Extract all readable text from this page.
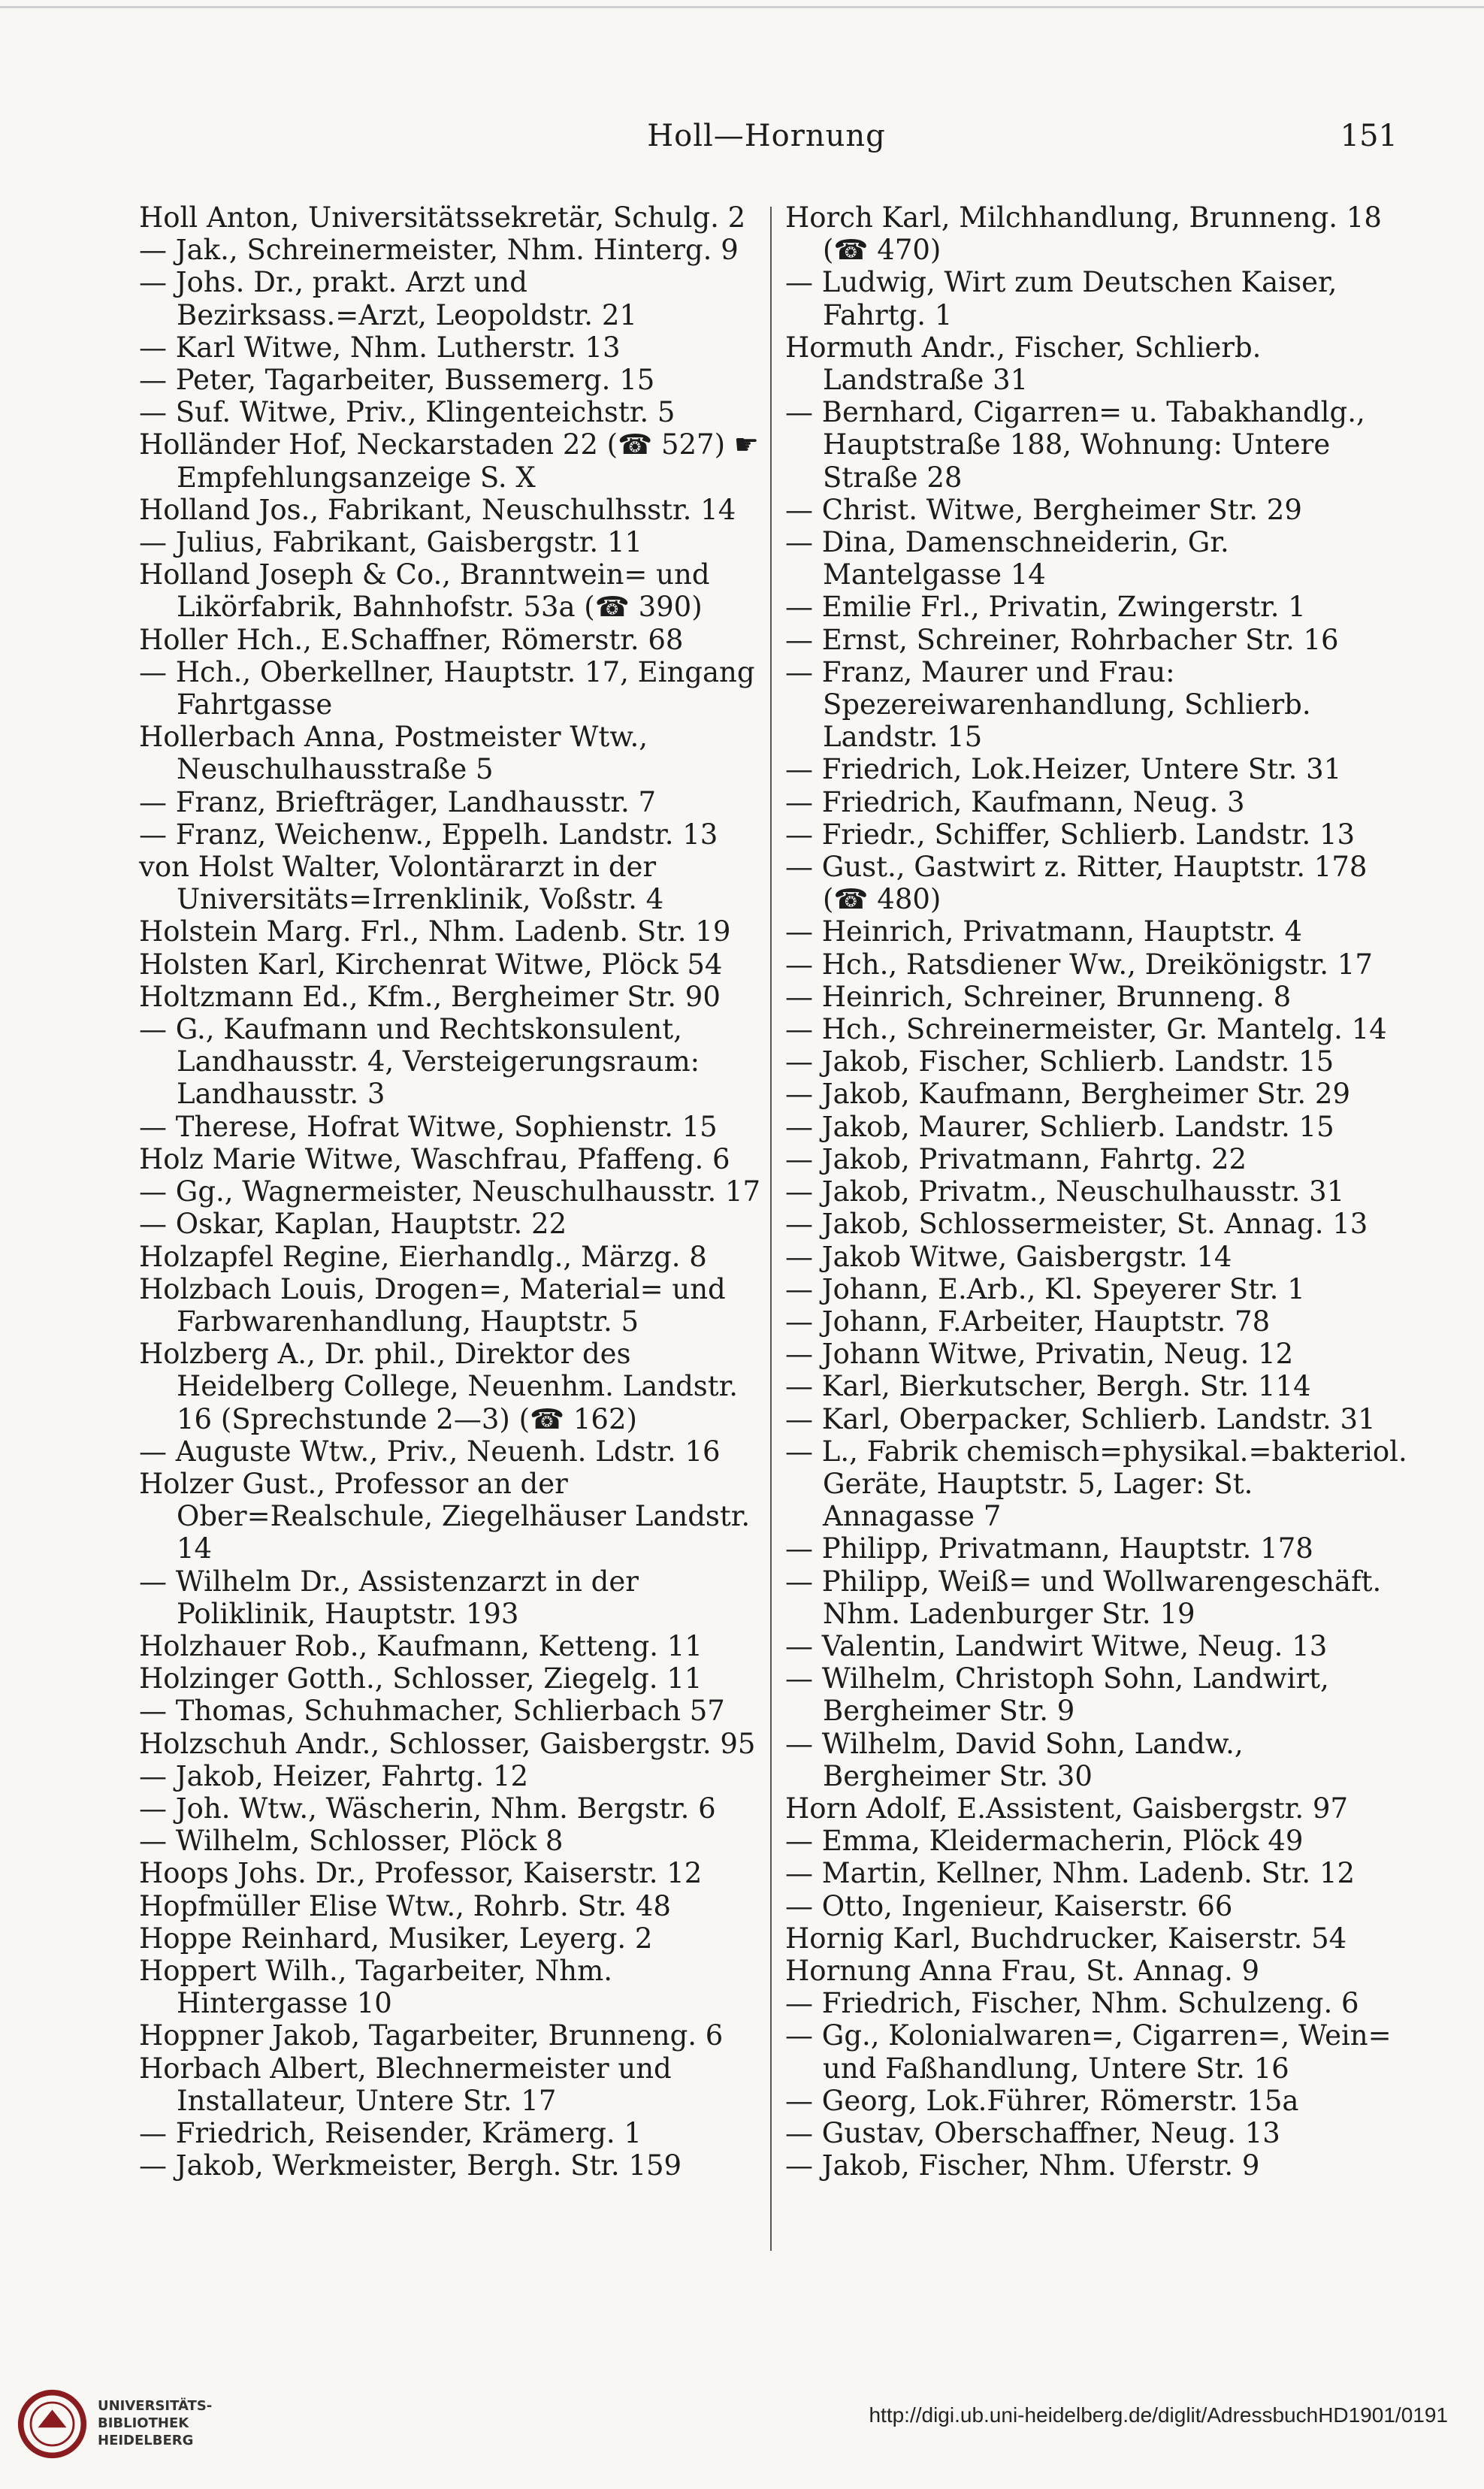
Holl—Hornung	151

Holl Anton, Universitätssekretär, Schulg. 2

— Jak., Schreinermeister, Nhm. Hinterg. 9

— Johs. Dr., prakt. Arzt und Bezirksass.=Arzt, Leopoldstr. 21

— Karl Witwe, Nhm. Lutherstr. 13

— Peter, Tagarbeiter, Bussemerg. 15

— Suf. Witwe, Priv., Klingenteichstr. 5

Holländer Hof, Neckarstaden 22 (☎ 527) ☛ Empfehlungsanzeige S. X

Holland Jos., Fabrikant, Neuschulhsstr. 14

— Julius, Fabrikant, Gaisbergstr. 11

Holland Joseph & Co., Branntwein= und Likörfabrik, Bahnhofstr. 53a (☎ 390)

Holler Hch., E.Schaffner, Römerstr. 68

— Hch., Oberkellner, Hauptstr. 17, Eingang Fahrtgasse

Hollerbach Anna, Postmeister Wtw., Neuschulhausstraße 5

— Franz, Briefträger, Landhausstr. 7

— Franz, Weichenw., Eppelh. Landstr. 13

von Holst Walter, Volontärarzt in der Universitäts=Irrenklinik, Voßstr. 4

Holstein Marg. Frl., Nhm. Ladenb. Str. 19

Holsten Karl, Kirchenrat Witwe, Plöck 54

Holtzmann Ed., Kfm., Bergheimer Str. 90

— G., Kaufmann und Rechtskonsulent, Landhausstr. 4, Versteigerungsraum: Landhausstr. 3

— Therese, Hofrat Witwe, Sophienstr. 15

Holz Marie Witwe, Waschfrau, Pfaffeng. 6

— Gg., Wagnermeister, Neuschulhausstr. 17

— Oskar, Kaplan, Hauptstr. 22

Holzapfel Regine, Eierhandlg., Märzg. 8

Holzbach Louis, Drogen=, Material= und Farbwarenhandlung, Hauptstr. 5

Holzberg A., Dr. phil., Direktor des Heidelberg College, Neuenhm. Landstr. 16 (Sprechstunde 2—3) (☎ 162)

— Auguste Wtw., Priv., Neuenh. Ldstr. 16

Holzer Gust., Professor an der Ober=Realschule, Ziegelhäuser Landstr. 14

— Wilhelm Dr., Assistenzarzt in der Poliklinik, Hauptstr. 193

Holzhauer Rob., Kaufmann, Ketteng. 11

Holzinger Gotth., Schlosser, Ziegelg. 11

— Thomas, Schuhmacher, Schlierbach 57

Holzschuh Andr., Schlosser, Gaisbergstr. 95

— Jakob, Heizer, Fahrtg. 12

— Joh. Wtw., Wäscherin, Nhm. Bergstr. 6

— Wilhelm, Schlosser, Plöck 8

Hoops Johs. Dr., Professor, Kaiserstr. 12

Hopfmüller Elise Wtw., Rohrb. Str. 48

Hoppe Reinhard, Musiker, Leyerg. 2

Hoppert Wilh., Tagarbeiter, Nhm. Hintergasse 10

Hoppner Jakob, Tagarbeiter, Brunneng. 6

Horbach Albert, Blechnermeister und Installateur, Untere Str. 17

— Friedrich, Reisender, Krämerg. 1

— Jakob, Werkmeister, Bergh. Str. 159

Horch Karl, Milchhandlung, Brunneng. 18 (☎ 470)

— Ludwig, Wirt zum Deutschen Kaiser, Fahrtg. 1

Hormuth Andr., Fischer, Schlierb. Landstraße 31

— Bernhard, Cigarren= u. Tabakhandlg., Hauptstraße 188, Wohnung: Untere Straße 28

— Christ. Witwe, Bergheimer Str. 29

— Dina, Damenschneiderin, Gr. Mantelgasse 14

— Emilie Frl., Privatin, Zwingerstr. 1

— Ernst, Schreiner, Rohrbacher Str. 16

— Franz, Maurer und Frau: Spezereiwarenhandlung, Schlierb. Landstr. 15

— Friedrich, Lok.Heizer, Untere Str. 31

— Friedrich, Kaufmann, Neug. 3

— Friedr., Schiffer, Schlierb. Landstr. 13

— Gust., Gastwirt z. Ritter, Hauptstr. 178 (☎ 480)

— Heinrich, Privatmann, Hauptstr. 4

— Hch., Ratsdiener Ww., Dreikönigstr. 17

— Heinrich, Schreiner, Brunneng. 8

— Hch., Schreinermeister, Gr. Mantelg. 14

— Jakob, Fischer, Schlierb. Landstr. 15

— Jakob, Kaufmann, Bergheimer Str. 29

— Jakob, Maurer, Schlierb. Landstr. 15

— Jakob, Privatmann, Fahrtg. 22

— Jakob, Privatm., Neuschulhausstr. 31

— Jakob, Schlossermeister, St. Annag. 13

— Jakob Witwe, Gaisbergstr. 14

— Johann, E.Arb., Kl. Speyerer Str. 1

— Johann, F.Arbeiter, Hauptstr. 78

— Johann Witwe, Privatin, Neug. 12

— Karl, Bierkutscher, Bergh. Str. 114

— Karl, Oberpacker, Schlierb. Landstr. 31

— L., Fabrik chemisch=physikal.=bakteriol. Geräte, Hauptstr. 5, Lager: St. Annagasse 7

— Philipp, Privatmann, Hauptstr. 178

— Philipp, Weiß= und Wollwarengeschäft. Nhm. Ladenburger Str. 19

— Valentin, Landwirt Witwe, Neug. 13

— Wilhelm, Christoph Sohn, Landwirt, Bergheimer Str. 9

— Wilhelm, David Sohn, Landw., Bergheimer Str. 30

Horn Adolf, E.Assistent, Gaisbergstr. 97

— Emma, Kleidermacherin, Plöck 49

— Martin, Kellner, Nhm. Ladenb. Str. 12

— Otto, Ingenieur, Kaiserstr. 66

Hornig Karl, Buchdrucker, Kaiserstr. 54

Hornung Anna Frau, St. Annag. 9

— Friedrich, Fischer, Nhm. Schulzeng. 6

— Gg., Kolonialwaren=, Cigarren=, Wein= und Faßhandlung, Untere Str. 16

— Georg, Lok.Führer, Römerstr. 15a

— Gustav, Oberschaffner, Neug. 13

— Jakob, Fischer, Nhm. Uferstr. 9

UNIVERSITÄTS-
BIBLIOTHEK
HEIDELBERG
http://digi.ub.uni-heidelberg.de/diglit/AdressbuchHD1901/0191
